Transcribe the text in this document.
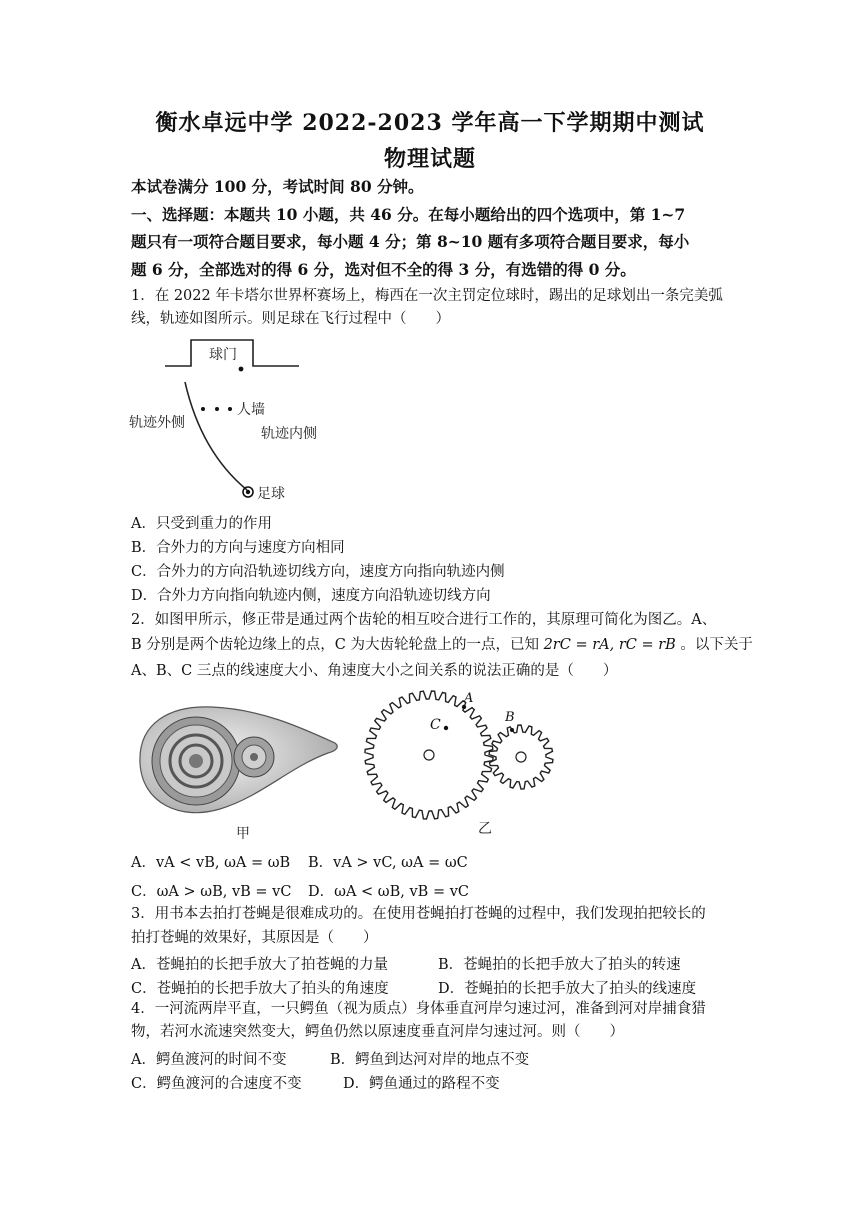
衡水卓远中学 2022-2023 学年高一下学期期中测试
物理试题
本试卷满分 100 分，考试时间 80 分钟。
一、选择题：本题共 10 小题，共 46 分。在每小题给出的四个选项中，第 1~7
题只有一项符合题目要求，每小题 4 分；第 8~10 题有多项符合题目要求，每小
题 6 分，全部选对的得 6 分，选对但不全的得 3 分，有选错的得 0 分。
1．在 2022 年卡塔尔世界杯赛场上，梅西在一次主罚定位球时，踢出的足球划出一条完美弧
线，轨迹如图所示。则足球在飞行过程中（　　）
球门
人墙
轨迹外侧
轨迹内侧
足球
A．只受到重力的作用
B．合外力的方向与速度方向相同
C．合外力的方向沿轨迹切线方向，速度方向指向轨迹内侧
D．合外力方向指向轨迹内侧，速度方向沿轨迹切线方向
2．如图甲所示，修正带是通过两个齿轮的相互咬合进行工作的，其原理可简化为图乙。A、
B 分别是两个齿轮边缘上的点，C 为大齿轮轮盘上的一点，已知 2rC = rA, rC = rB 。以下关于
A、B、C 三点的线速度大小、角速度大小之间关系的说法正确的是（　　）
甲
A
C	B
乙
A．vA < vB, ωA = ωB B．vA > vC, ωA = ωC
C．ωA > ωB, vB = vC D．ωA < ωB, vB = vC
3．用书本去拍打苍蝇是很难成功的。在使用苍蝇拍打苍蝇的过程中，我们发现拍把较长的
拍打苍蝇的效果好，其原因是（　　）
A．苍蝇拍的长把手放大了拍苍蝇的力量	B．苍蝇拍的长把手放大了拍头的转速
C．苍蝇拍的长把手放大了拍头的角速度	D．苍蝇拍的长把手放大了拍头的线速度
4．一河流两岸平直，一只鳄鱼（视为质点）身体垂直河岸匀速过河，准备到河对岸捕食猎
物，若河水流速突然变大，鳄鱼仍然以原速度垂直河岸匀速过河。则（　　）
A．鳄鱼渡河的时间不变	B．鳄鱼到达河对岸的地点不变
C．鳄鱼渡河的合速度不变	D．鳄鱼通过的路程不变
